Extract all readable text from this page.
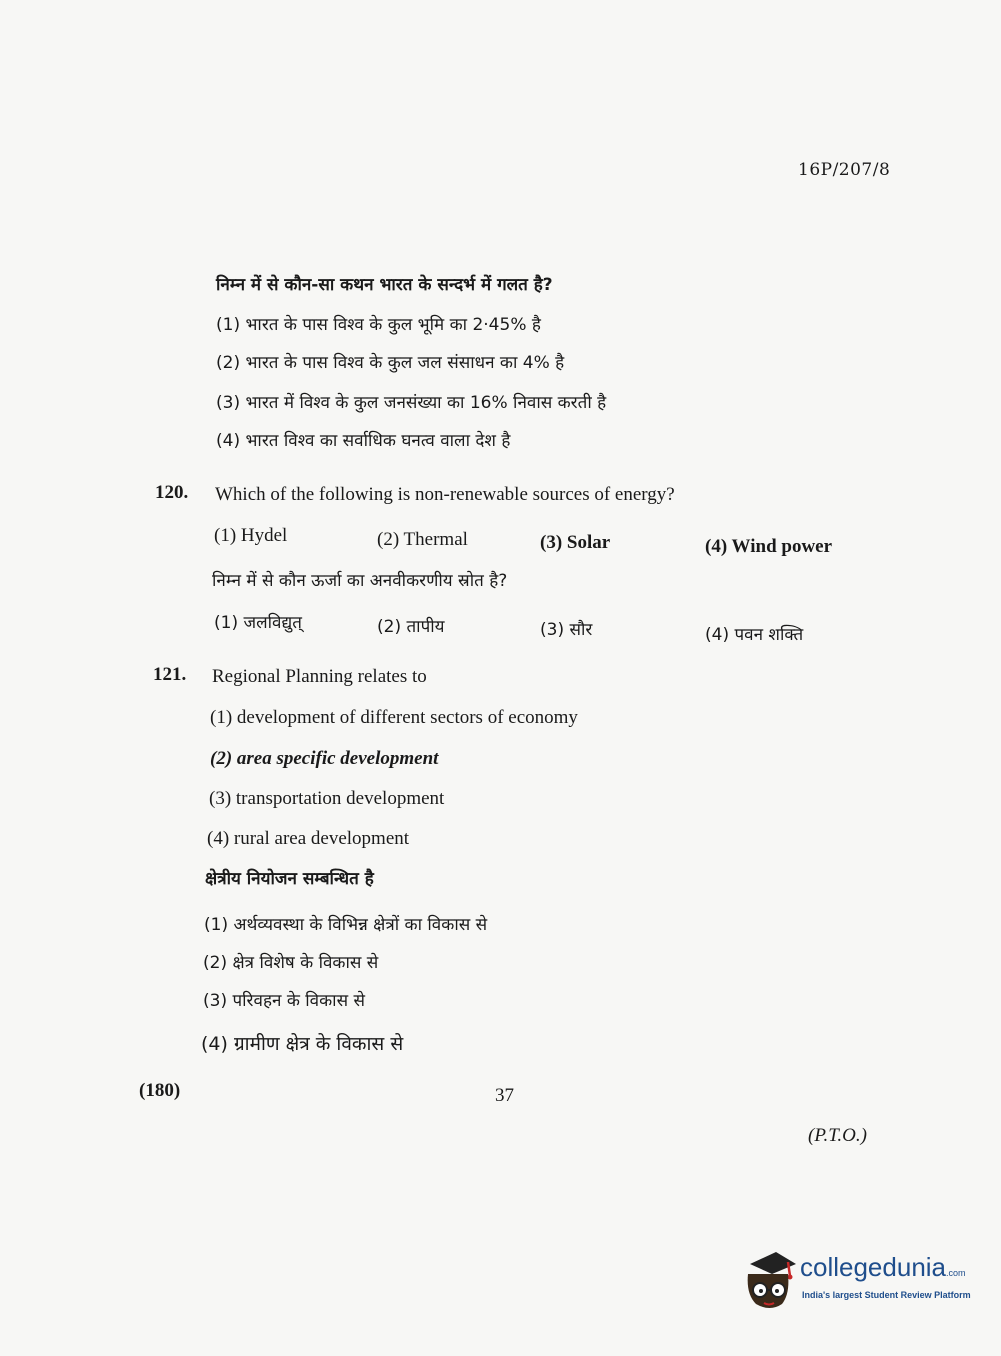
16P/207/8
निम्न में से कौन-सा कथन भारत के सन्दर्भ में गलत है?
(1) भारत के पास विश्व के कुल भूमि का 2·45% है
(2) भारत के पास विश्व के कुल जल संसाधन का 4% है
(3) भारत में विश्व के कुल जनसंख्या का 16% निवास करती है
(4) भारत विश्व का सर्वाधिक घनत्व वाला देश है
120. Which of the following is non-renewable sources of energy?
(1) Hydel	(2) Thermal	(3) Solar	(4) Wind power
निम्न में से कौन ऊर्जा का अनवीकरणीय स्रोत है?
(1) जलविद्युत्	(2) तापीय	(3) सौर	(4) पवन शक्ति
121. Regional Planning relates to
(1) development of different sectors of economy
(2) area specific development
(3) transportation development
(4) rural area development
क्षेत्रीय नियोजन सम्बन्धित है
(1) अर्थव्यवस्था के विभिन्न क्षेत्रों का विकास से
(2) क्षेत्र विशेष के विकास से
(3) परिवहन के विकास से
(4) ग्रामीण क्षेत्र के विकास से
(180)	37
(P.T.O.)
collegedunia.com
India's largest Student Review Platform
